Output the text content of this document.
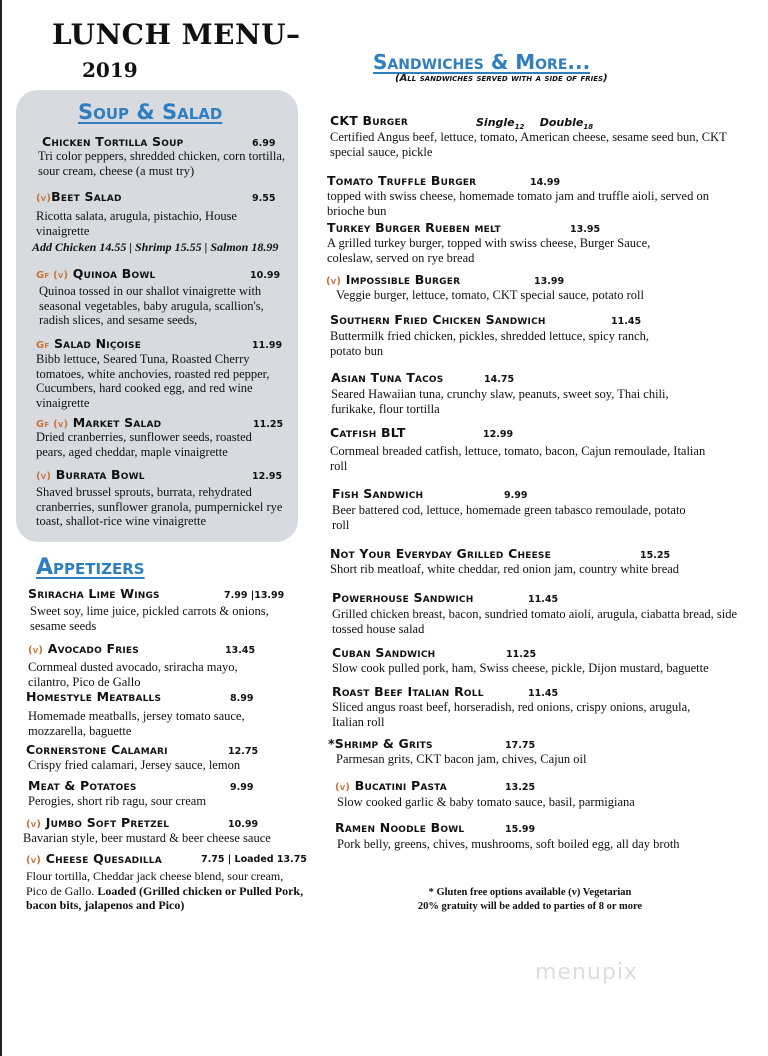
LUNCH MENU–
2019
Soup & Salad
Chicken Tortilla Soup
Tri color peppers, shredded chicken, corn tortilla, sour cream, cheese (a must try)
6.99
(v)Beet Salad
Ricotta salata, arugula, pistachio, House vinaigrette
Add Chicken 14.55 | Shrimp 15.55 | Salmon 18.99
9.55
Gf (v) Quinoa Bowl
Quinoa tossed in our shallot vinaigrette with seasonal vegetables, baby arugula, scallion's, radish slices, and sesame seeds,
10.99
Gf Salad Niçoise
Bibb lettuce, Seared Tuna, Roasted Cherry tomatoes, white anchovies, roasted red pepper, Cucumbers, hard cooked egg, and red wine vinaigrette
11.99
Gf (v) Market Salad
Dried cranberries, sunflower seeds, roasted pears, aged cheddar, maple vinaigrette
11.25
(v) Burrata Bowl
Shaved brussel sprouts, burrata, rehydrated cranberries, sunflower granola, pumpernickel rye toast, shallot-rice wine vinaigrette
12.95
Appetizers
Sriracha Lime Wings
Sweet soy, lime juice, pickled carrots & onions, sesame seeds
7.99 |13.99
(v) Avocado Fries
Cornmeal dusted avocado, sriracha mayo, cilantro, Pico de Gallo
13.45
Homestyle Meatballs
Homemade meatballs, jersey tomato sauce, mozzarella, baguette
8.99
Cornerstone Calamari
Crispy fried calamari, Jersey sauce, lemon
12.75
Meat & Potatoes
Perogies, short rib ragu, sour cream
9.99
(v) Jumbo Soft Pretzel
Bavarian style, beer mustard & beer cheese sauce
10.99
(v) Cheese Quesadilla
Flour tortilla, Cheddar jack cheese blend, sour cream, Pico de Gallo. Loaded (Grilled chicken or Pulled Pork, bacon bits, jalapenos and Pico)
7.75 | Loaded 13.75
Sandwiches & More...
(All sandwiches served with a side of fries)
CKT Burger
Certified Angus beef, lettuce, tomato, American cheese, sesame seed bun, CKT special sauce, pickle
Single$_{12}$ Double$_{18}$
Tomato Truffle Burger
topped with swiss cheese, homemade tomato jam and truffle aioli, served on brioche bun
14.99
Turkey Burger Rueben melt
A grilled turkey burger, topped with swiss cheese, Burger Sauce, coleslaw, served on rye bread
13.95
(v) Impossible Burger
Veggie burger, lettuce, tomato, CKT special sauce, potato roll
13.99
Southern Fried Chicken Sandwich
Buttermilk fried chicken, pickles, shredded lettuce, spicy ranch, potato bun
11.45
Asian Tuna Tacos
Seared Hawaiian tuna, crunchy slaw, peanuts, sweet soy, Thai chili, furikake, flour tortilla
14.75
Catfish BLT
Cornmeal breaded catfish, lettuce, tomato, bacon, Cajun remoulade, Italian roll
12.99
Fish Sandwich
Beer battered cod, lettuce, homemade green tabasco remoulade, potato roll
9.99
Not Your Everyday Grilled Cheese
Short rib meatloaf, white cheddar, red onion jam, country white bread
15.25
Powerhouse Sandwich
Grilled chicken breast, bacon, sundried tomato aioli, arugula, ciabatta bread, side tossed house salad
11.45
Cuban Sandwich
Slow cook pulled pork, ham, Swiss cheese, pickle, Dijon mustard, baguette
11.25
Roast Beef Italian Roll
Sliced angus roast beef, horseradish, red onions, crispy onions, arugula, Italian roll
11.45
*Shrimp & Grits
Parmesan grits, CKT bacon jam, chives, Cajun oil
17.75
(v) Bucatini Pasta
Slow cooked garlic & baby tomato sauce, basil, parmigiana
13.25
Ramen Noodle Bowl
Pork belly, greens, chives, mushrooms, soft boiled egg, all day broth
15.99
* Gluten free options available (v) Vegetarian
20% gratuity will be added to parties of 8 or more
menupix
